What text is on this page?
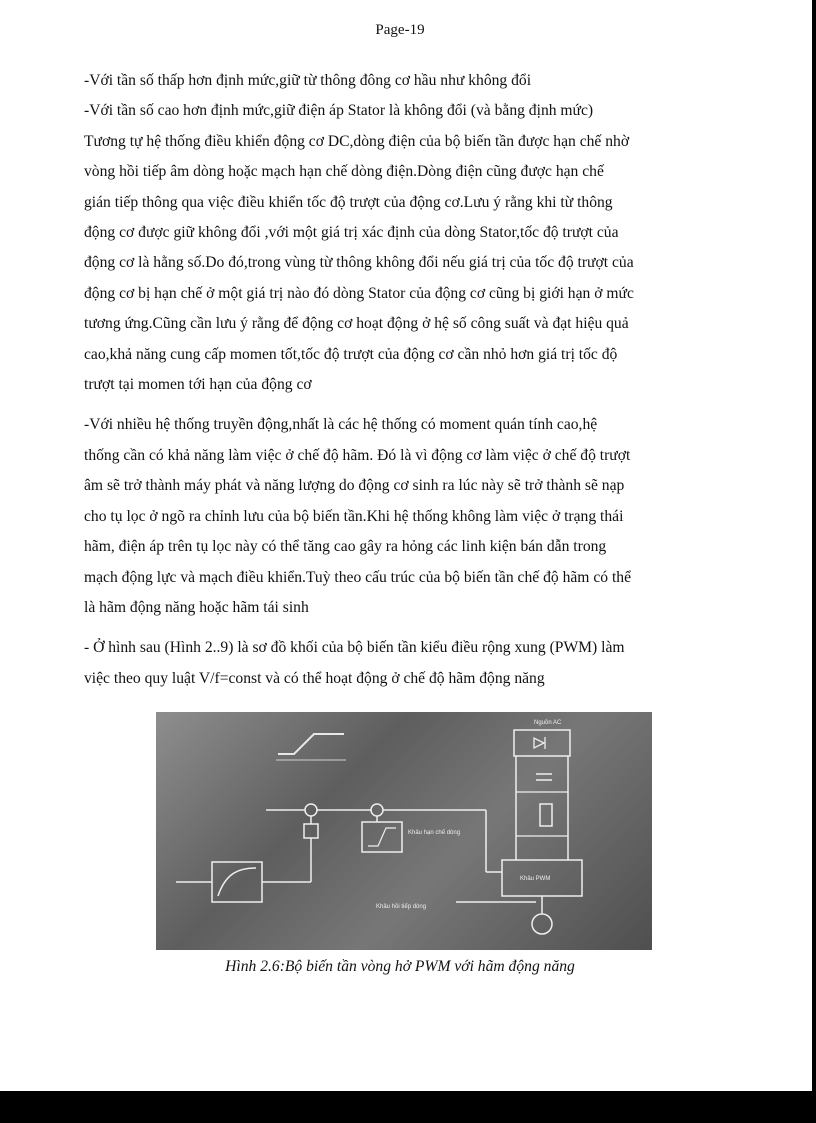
Page-19

-Với tần số thấp hơn định mức,giữ từ thông đông cơ hầu như không đổi
-Với tần số cao hơn định mức,giữ điện áp Stator là không đổi (và bằng định mức)
Tương tự hệ thống điều khiển động cơ DC,dòng điện của bộ biến tần được hạn chế nhờ
vòng hồi tiếp âm dòng hoặc mạch hạn chế dòng điện.Dòng điện cũng được hạn chế
gián tiếp thông qua việc điều khiển tốc độ trượt của động cơ.Lưu ý rằng khi từ thông
động cơ được giữ không đổi ,với một giá trị xác định của dòng Stator,tốc độ trượt của
động cơ là hằng số.Do đó,trong vùng từ thông không đổi nếu giá trị của tốc độ trượt của
động cơ bị hạn chế ở một giá trị nào đó dòng Stator của động cơ cũng bị giới hạn ở mức
tương ứng.Cũng cần lưu ý rằng để động cơ hoạt động ở hệ số công suất và đạt hiệu quả
cao,khả năng cung cấp momen tốt,tốc độ trượt của động cơ cần nhỏ hơn giá trị tốc độ
trượt tại momen tới hạn của động cơ

-Với nhiều hệ thống truyền động,nhất là các hệ thống có moment quán tính cao,hệ
thống cần có khả năng làm việc ở chế độ hãm. Đó là vì động cơ làm việc ở chế độ trượt
âm sẽ trở thành máy phát và năng lượng do động cơ sinh ra lúc này sẽ trở thành sẽ nạp
cho tụ lọc ở ngõ ra chỉnh lưu của bộ biến tần.Khi hệ thống không làm việc ở trạng thái
hãm, điện áp trên tụ lọc này có thể tăng cao gây ra hỏng các linh kiện bán dẫn trong
mạch động lực và mạch điều khiển.Tuỳ theo cấu trúc của bộ biến tần chế độ hãm có thể
là hãm động năng hoặc hãm tái sinh

- Ở hình sau (Hình 2..9) là sơ đồ khối của bộ biến tần kiểu điều rộng xung (PWM) làm
việc theo quy luật V/f=const và có thể hoạt động ở chế độ hãm động năng

Khâu hạn chế dòng
Khâu hồi tiếp dòng
Nguồn AC
Khâu PWM
Hình 2.6:Bộ biến tần vòng hở PWM với hãm động năng
